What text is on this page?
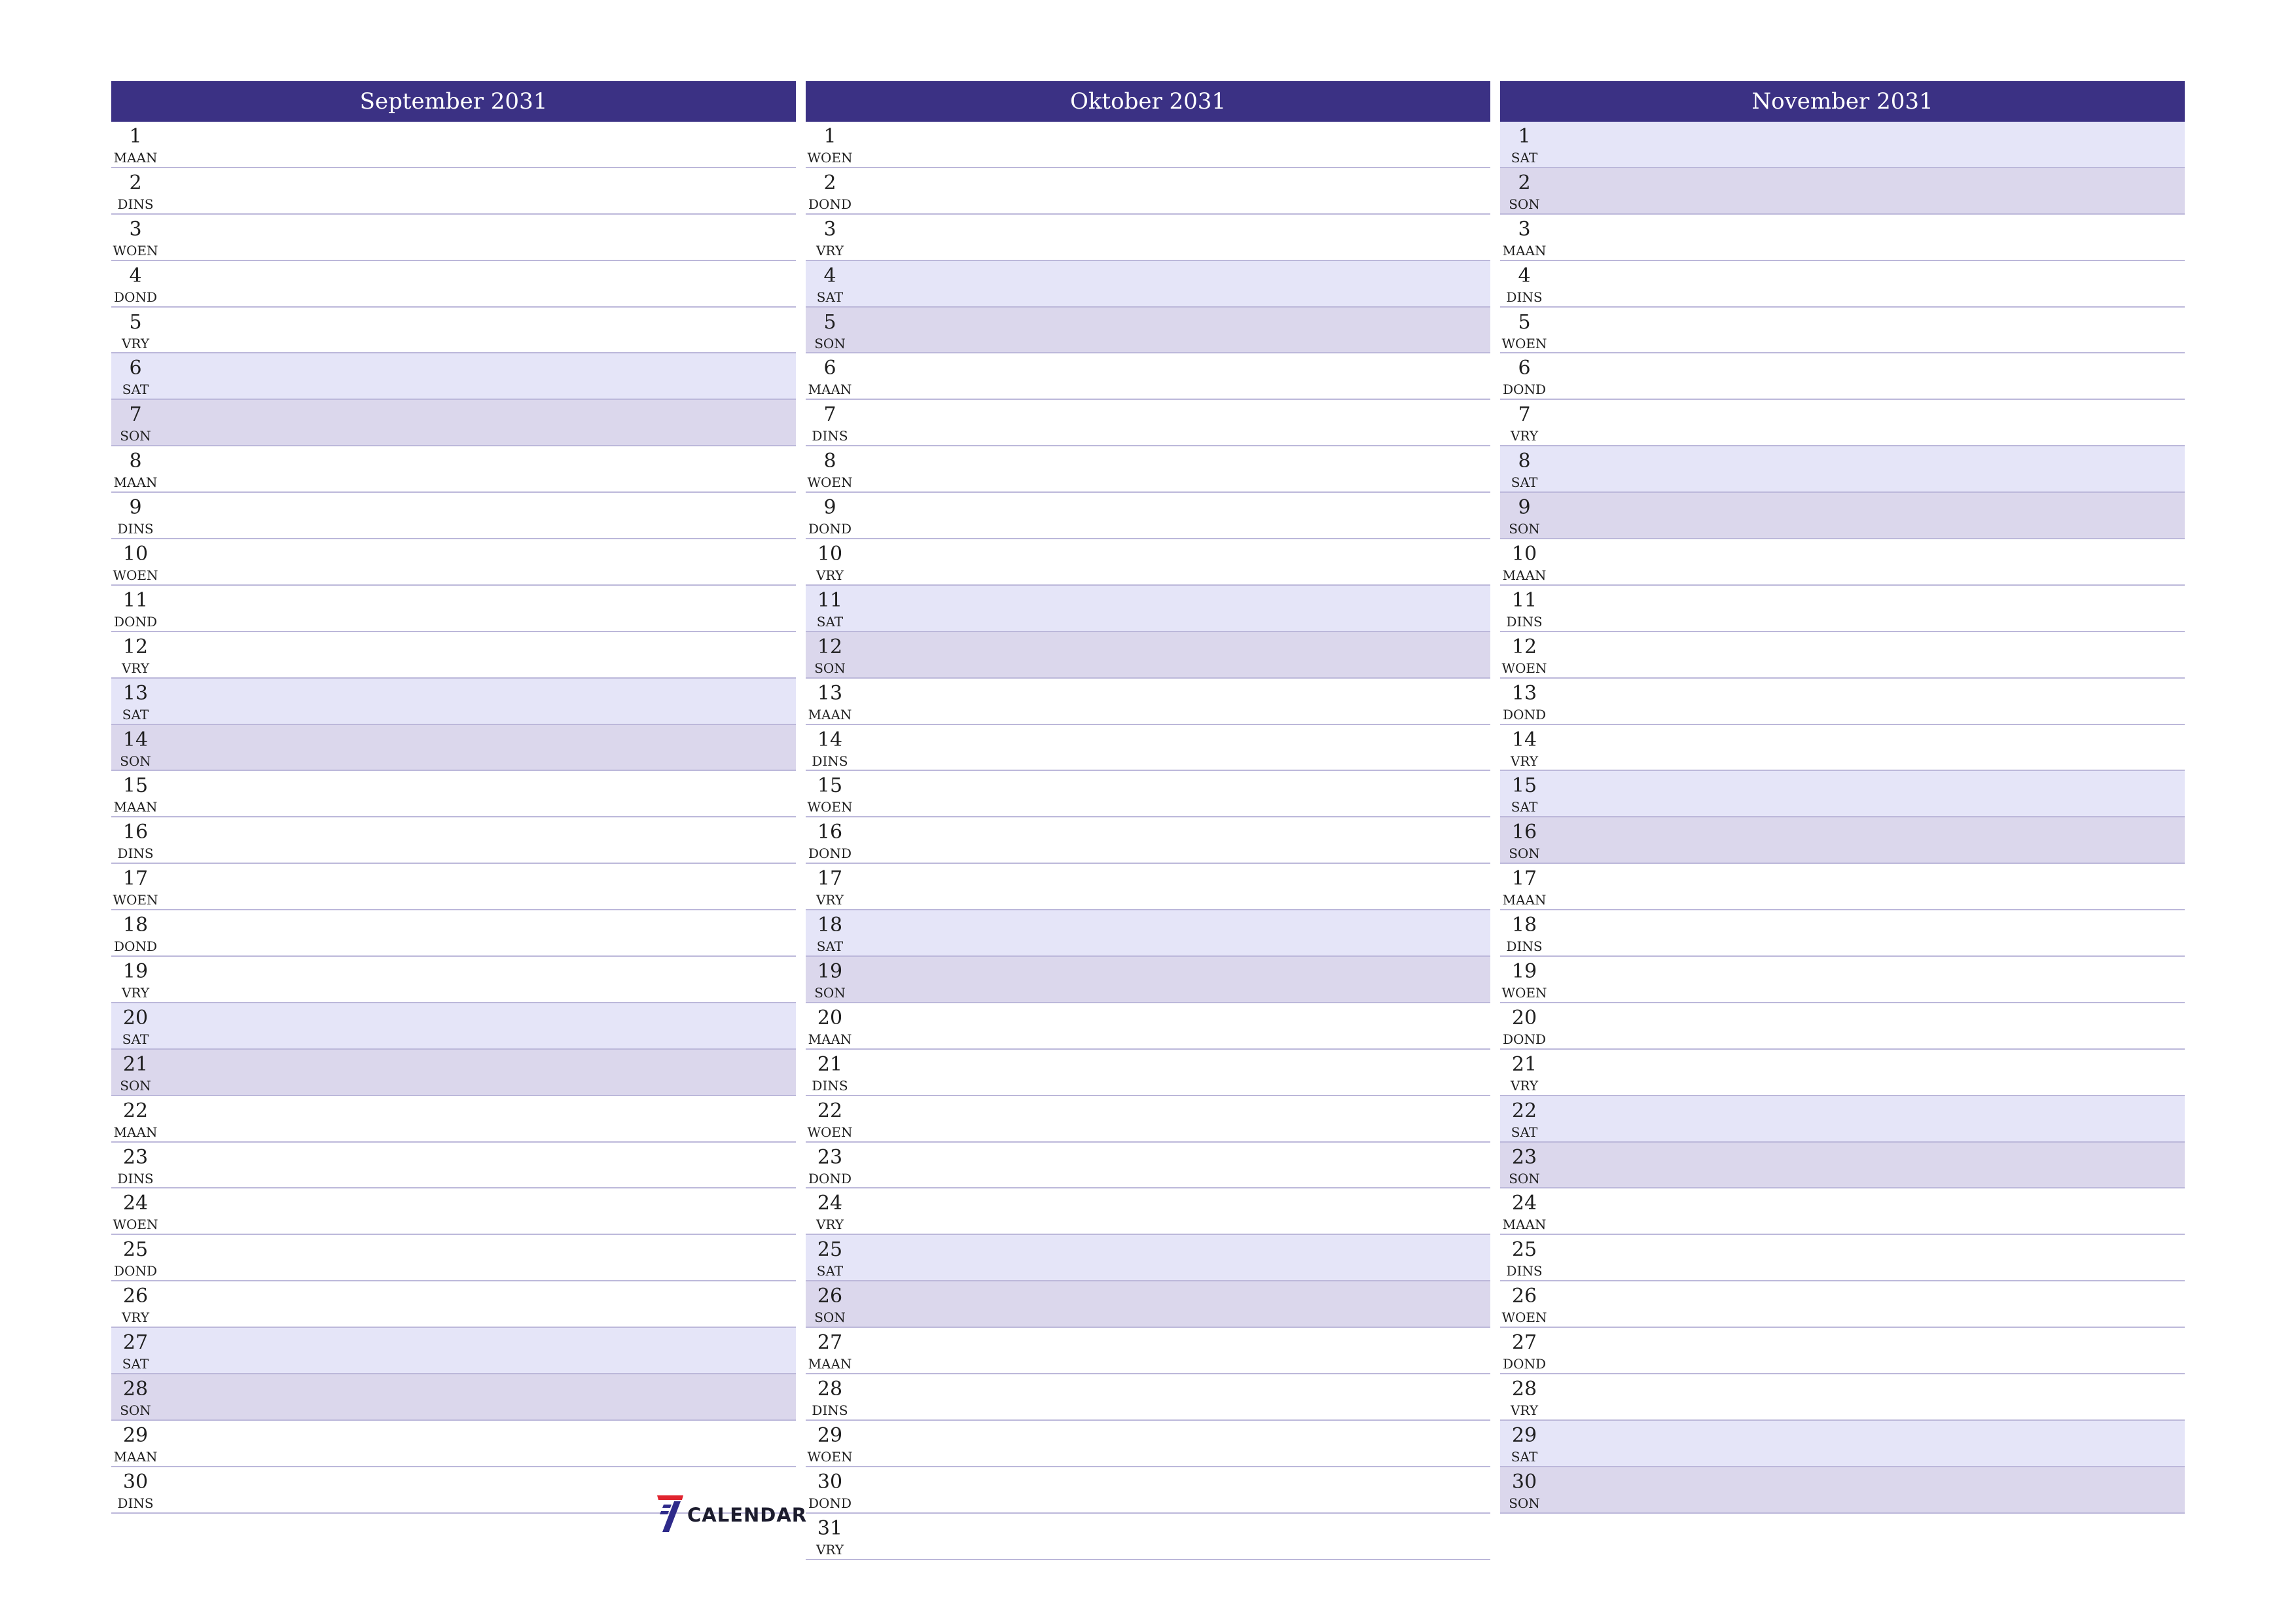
September 2031
1
MAAN
2
DINS
3
WOEN
4
DOND
5
VRY
6
SAT
7
SON
8
MAAN
9
DINS
10
WOEN
11
DOND
12
VRY
13
SAT
14
SON
15
MAAN
16
DINS
17
WOEN
18
DOND
19
VRY
20
SAT
21
SON
22
MAAN
23
DINS
24
WOEN
25
DOND
26
VRY
27
SAT
28
SON
29
MAAN
30
DINS
Oktober 2031
1
WOEN
2
DOND
3
VRY
4
SAT
5
SON
6
MAAN
7
DINS
8
WOEN
9
DOND
10
VRY
11
SAT
12
SON
13
MAAN
14
DINS
15
WOEN
16
DOND
17
VRY
18
SAT
19
SON
20
MAAN
21
DINS
22
WOEN
23
DOND
24
VRY
25
SAT
26
SON
27
MAAN
28
DINS
29
WOEN
30
DOND
31
VRY
November 2031
1
SAT
2
SON
3
MAAN
4
DINS
5
WOEN
6
DOND
7
VRY
8
SAT
9
SON
10
MAAN
11
DINS
12
WOEN
13
DOND
14
VRY
15
SAT
16
SON
17
MAAN
18
DINS
19
WOEN
20
DOND
21
VRY
22
SAT
23
SON
24
MAAN
25
DINS
26
WOEN
27
DOND
28
VRY
29
SAT
30
SON
CALENDAR
